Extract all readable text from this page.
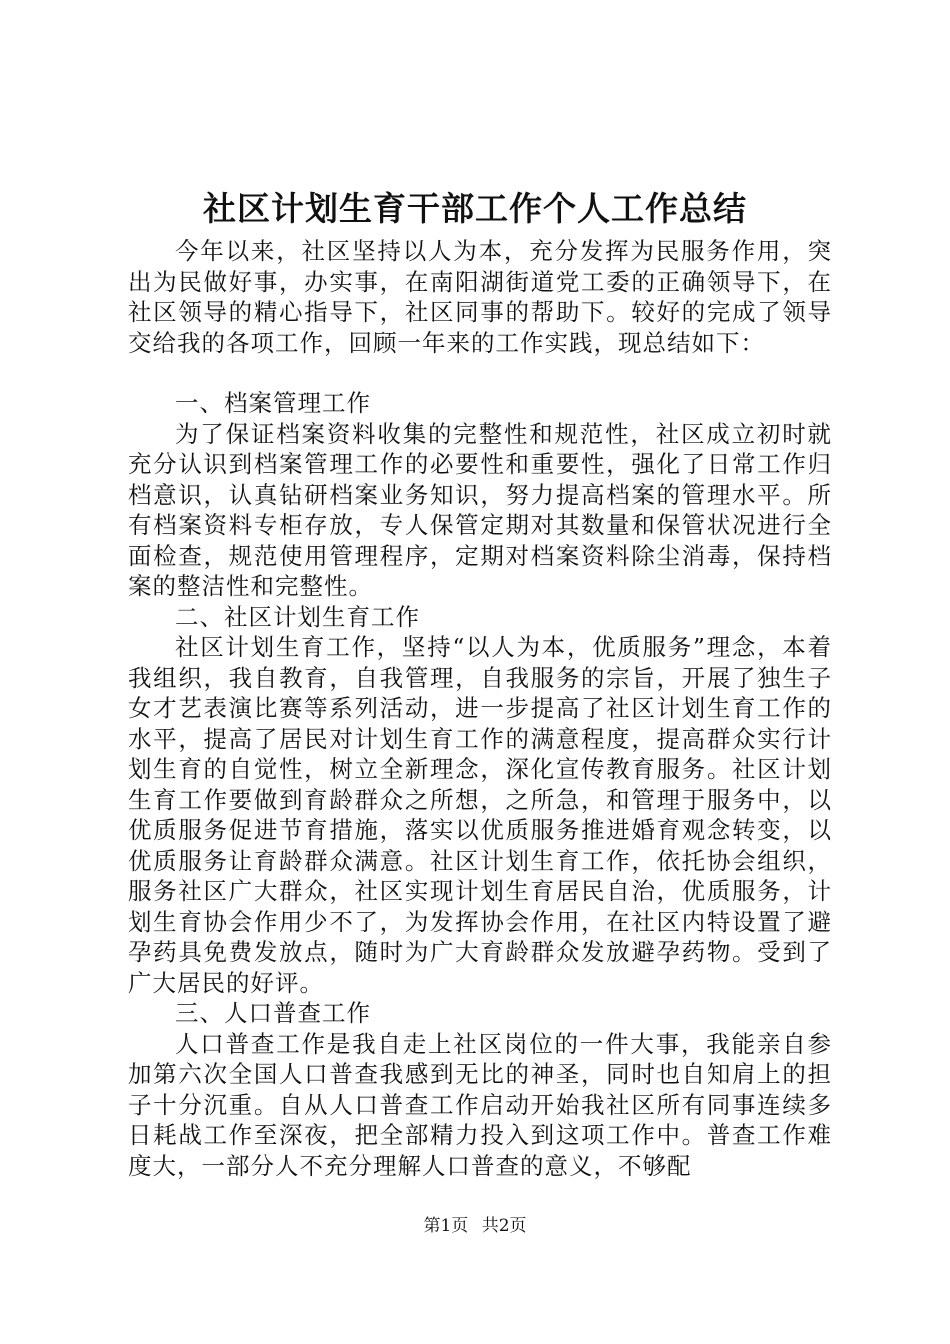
社区计划生育干部工作个人工作总结

今年以来，社区坚持以人为本，充分发挥为民服务作用，突出为民做好事，办实事，在南阳湖街道党工委的正确领导下，在社区领导的精心指导下，社区同事的帮助下。较好的完成了领导交给我的各项工作，回顾一年来的工作实践，现总结如下：

一、档案管理工作

为了保证档案资料收集的完整性和规范性，社区成立初时就充分认识到档案管理工作的必要性和重要性，强化了日常工作归档意识，认真钻研档案业务知识，努力提高档案的管理水平。所有档案资料专柜存放，专人保管定期对其数量和保管状况进行全面检查，规范使用管理程序，定期对档案资料除尘消毒，保持档案的整洁性和完整性。

二、社区计划生育工作

社区计划生育工作，坚持“以人为本，优质服务”理念，本着我组织，我自教育，自我管理，自我服务的宗旨，开展了独生子女才艺表演比赛等系列活动，进一步提高了社区计划生育工作的水平，提高了居民对计划生育工作的满意程度，提高群众实行计划生育的自觉性，树立全新理念，深化宣传教育服务。社区计划生育工作要做到育龄群众之所想，之所急，和管理于服务中，以优质服务促进节育措施，落实以优质服务推进婚育观念转变，以优质服务让育龄群众满意。社区计划生育工作，依托协会组织，服务社区广大群众，社区实现计划生育居民自治，优质服务，计划生育协会作用少不了，为发挥协会作用，在社区内特设置了避孕药具免费发放点，随时为广大育龄群众发放避孕药物。受到了广大居民的好评。

三、人口普查工作

人口普查工作是我自走上社区岗位的一件大事，我能亲自参加第六次全国人口普查我感到无比的神圣，同时也自知肩上的担子十分沉重。自从人口普查工作启动开始我社区所有同事连续多日耗战工作至深夜，把全部精力投入到这项工作中。普查工作难度大，一部分人不充分理解人口普查的意义，不够配

第1页 共2页
